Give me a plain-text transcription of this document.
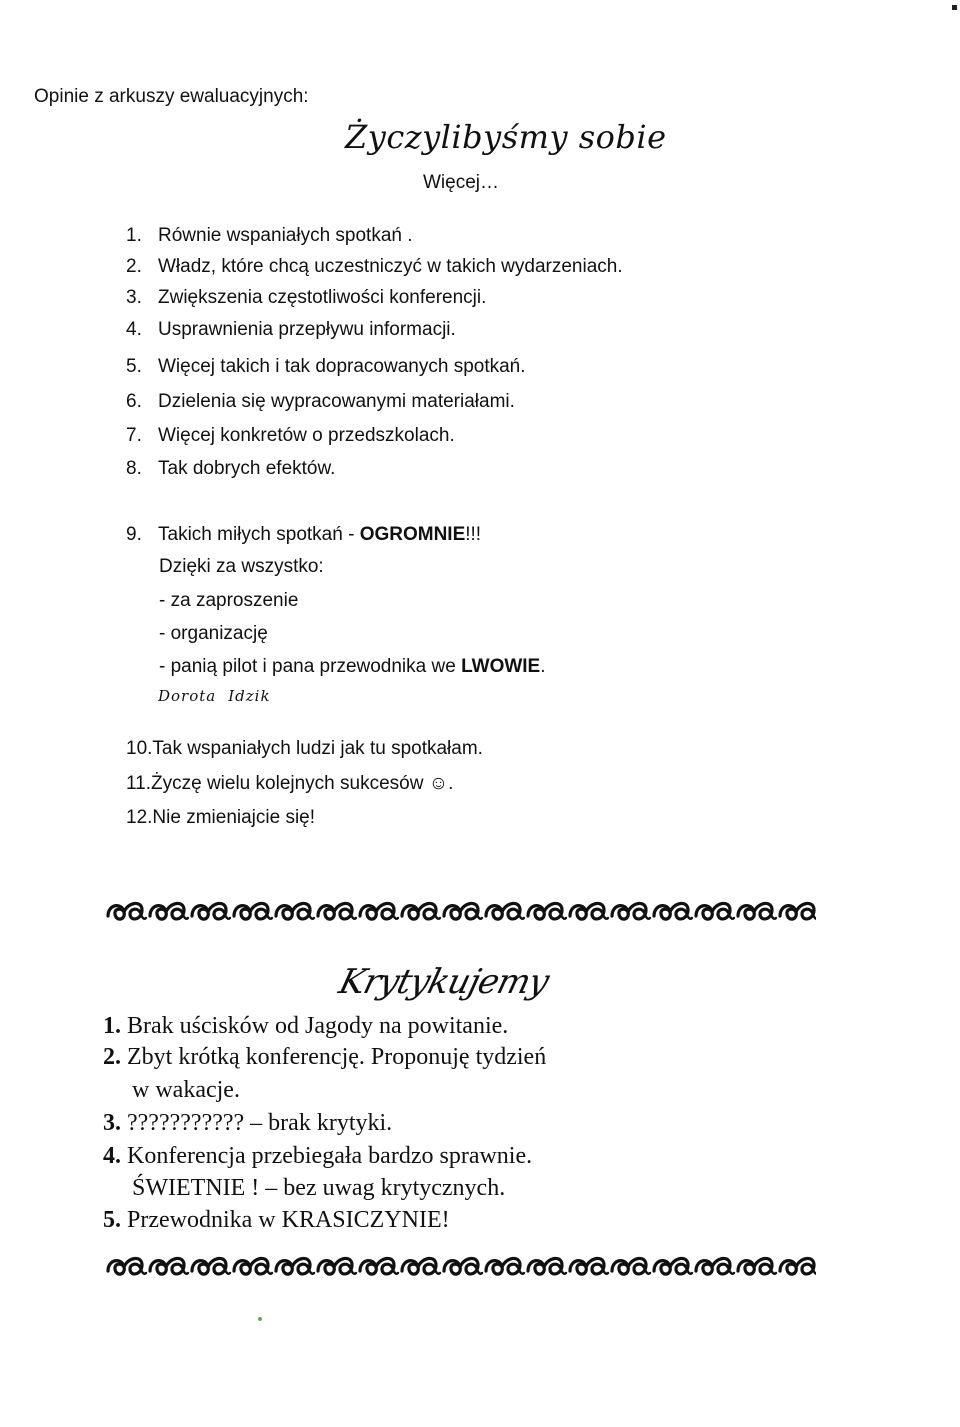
Opinie z arkuszy ewaluacyjnych:
Życzylibyśmy sobie
Więcej…
1. Równie wspaniałych spotkań .
2. Władz, które chcą uczestniczyć w takich wydarzeniach.
3. Zwiększenia częstotliwości konferencji.
4. Usprawnienia przepływu informacji.
5. Więcej takich i tak dopracowanych spotkań.
6. Dzielenia się wypracowanymi materiałami.
7. Więcej konkretów o przedszkolach.
8. Tak dobrych efektów.
9. Takich miłych spotkań - OGROMNIE!!!
Dzięki za wszystko:
- za zaproszenie
- organizację
- panią pilot i pana przewodnika we LWOWIE.
Dorota Idzik
10.Tak wspaniałych ludzi jak tu spotkałam.
11.Życzę wielu kolejnych sukcesów ☺.
12.Nie zmieniajcie się!
Krytykujemy
1. Brak uścisków od Jagody na powitanie.
2. Zbyt krótką konferencję. Proponuję tydzień
w wakacje.
3. ??????????? – brak krytyki.
4. Konferencja przebiegała bardzo sprawnie.
ŚWIETNIE ! – bez uwag krytycznych.
5. Przewodnika w KRASICZYNIE!
